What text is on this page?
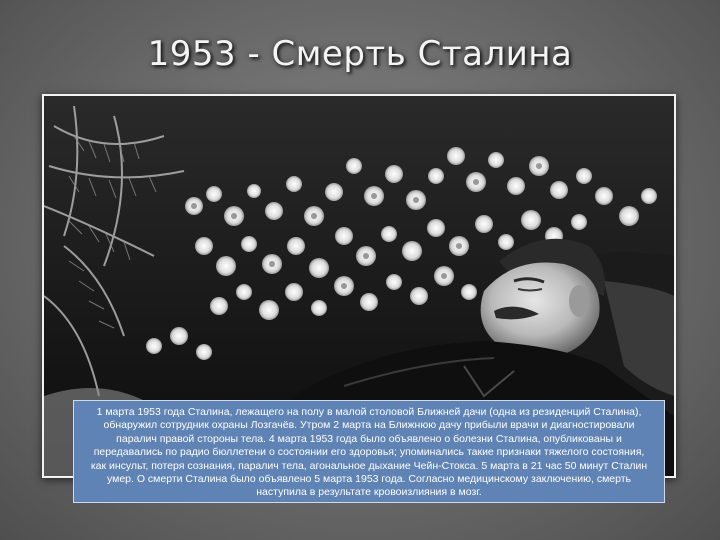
1953 - Смерть Сталина

1 марта 1953 года Сталина, лежащего на полу в малой столовой Ближней дачи (одна из резиденций Сталина), обнаружил сотрудник охраны Лозгачёв. Утром 2 марта на Ближнюю дачу прибыли врачи и диагностировали паралич правой стороны тела. 4 марта 1953 года было объявлено о болезни Сталина, опубликованы и передавались по радио бюллетени о состоянии его здоровья; упоминались такие признаки тяжелого состояния, как инсульт, потеря сознания, паралич тела, агональное дыхание Чейн-Стокса. 5 марта в 21 час 50 минут Сталин умер. О смерти Сталина было объявлено 5 марта 1953 года. Согласно медицинскому заключению, смерть наступила в результате кровоизлияния в мозг.
